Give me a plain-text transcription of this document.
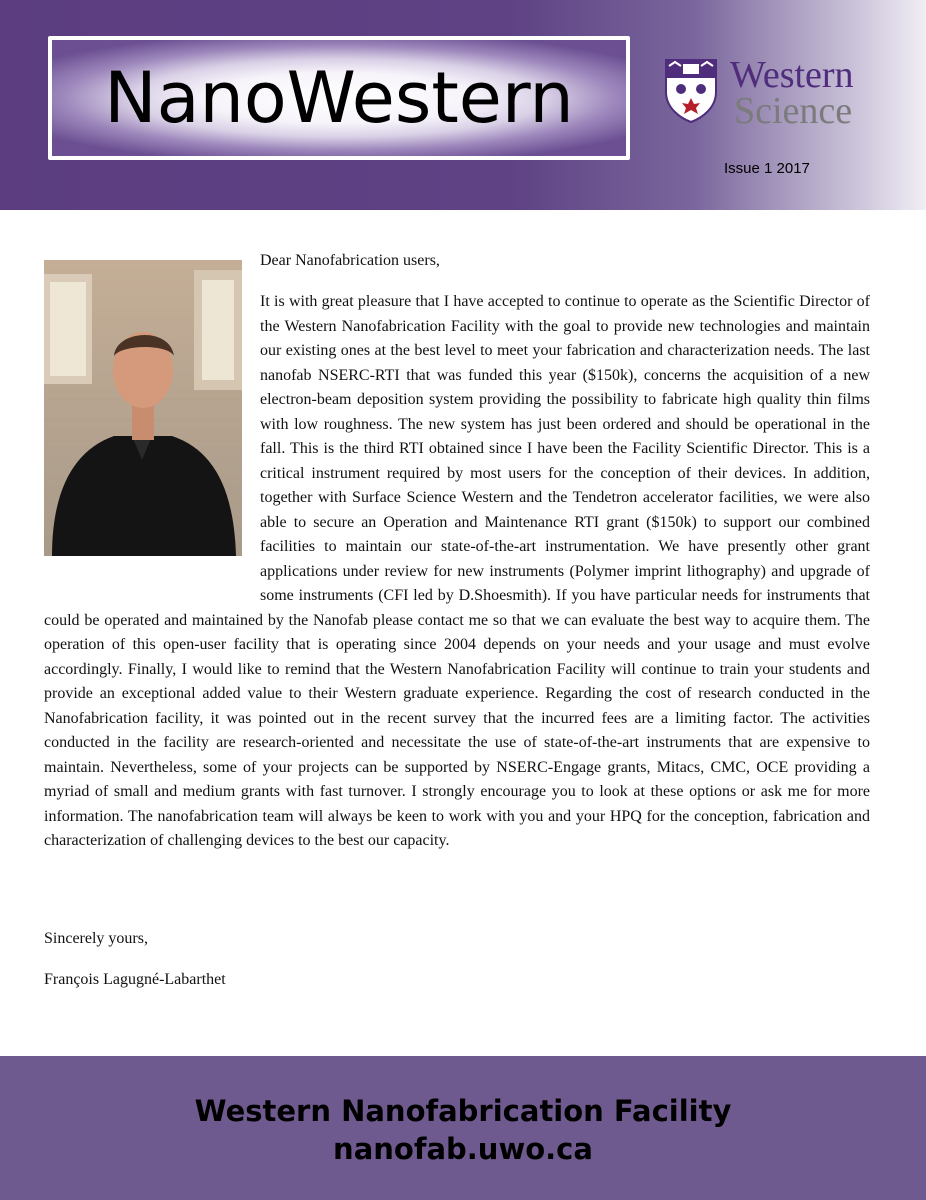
NanoWestern	Western
Science
Issue 1 2017
Dear Nanofabrication users,
It is with great pleasure that I have accepted to continue to operate as the Scientific Director of the Western Nanofabrication Facility with the goal to provide new technologies and maintain our existing ones at the best level to meet your fabrication and characterization needs. The last nanofab NSERC-RTI that was funded this year ($150k), concerns the acquisition of a new electron-beam deposition system providing the possibility to fabricate high quality thin films with low roughness. The new system has just been ordered and should be operational in the fall. This is the third RTI obtained since I have been the Facility Scientific Director. This is a critical instrument required by most users for the conception of their devices. In addition, together with Surface Science Western and the Tendetron accelerator facilities, we were also able to secure an Operation and Maintenance RTI grant ($150k) to support our combined facilities to maintain our state-of-the-art instrumentation. We have presently other grant applications under review for new instruments (Polymer imprint lithography) and upgrade of some instruments (CFI led by D.Shoesmith). If you have particular needs for instruments that could be operated and maintained by the Nanofab please contact me so that we can evaluate the best way to acquire them. The operation of this open-user facility that is operating since 2004 depends on your needs and your usage and must evolve accordingly. Finally, I would like to remind that the Western Nanofabrication Facility will continue to train your students and provide an exceptional added value to their Western graduate experience. Regarding the cost of research conducted in the Nanofabrication facility, it was pointed out in the recent survey that the incurred fees are a limiting factor. The activities conducted in the facility are research-oriented and necessitate the use of state-of-the-art instruments that are expensive to maintain. Nevertheless, some of your projects can be supported by NSERC-Engage grants, Mitacs, CMC, OCE providing a myriad of small and medium grants with fast turnover. I strongly encourage you to look at these options or ask me for more information. The nanofabrication team will always be keen to work with you and your HPQ for the conception, fabrication and characterization of challenging devices to the best our capacity.
Sincerely yours,
François Lagugné-Labarthet
Western Nanofabrication Facility
nanofab.uwo.ca
